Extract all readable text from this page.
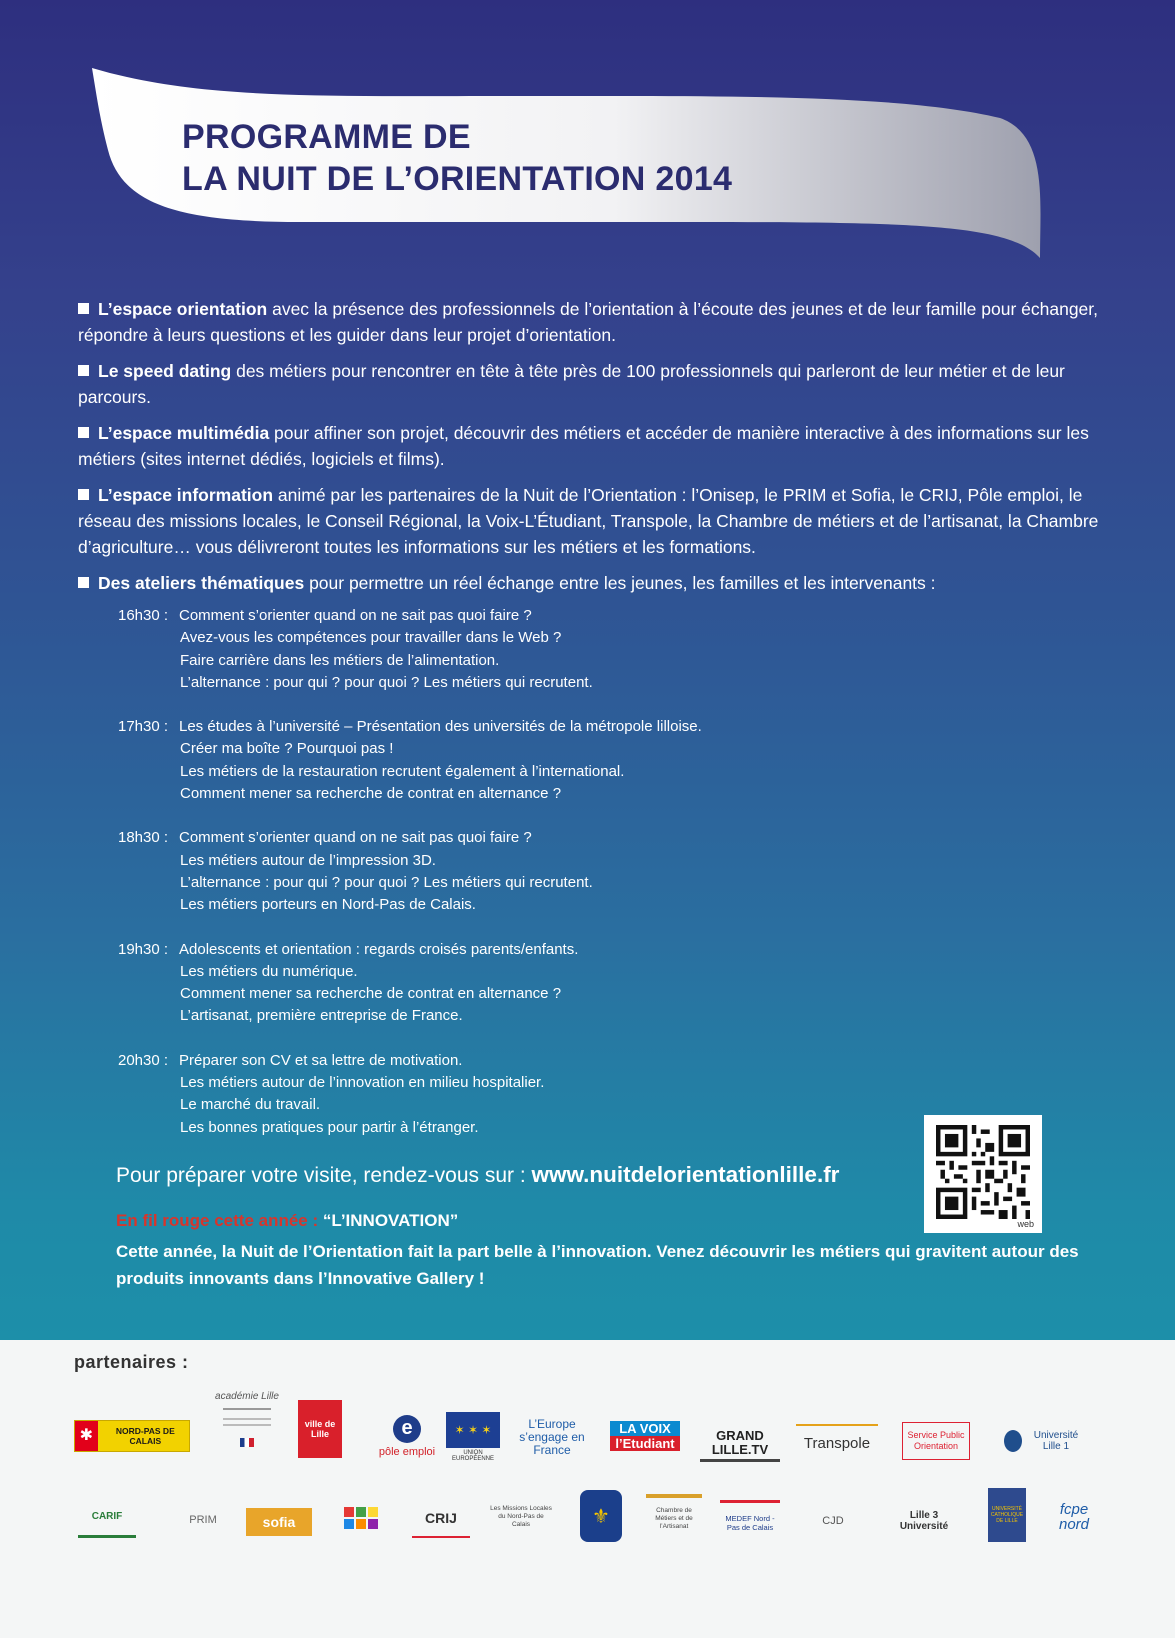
PROGRAMME DE
LA NUIT DE L’ORIENTATION 2014

L’espace orientation avec la présence des professionnels de l’orientation à l’écoute des jeunes et de leur famille pour échanger, répondre à leurs questions et les guider dans leur projet d’orientation.

Le speed dating des métiers pour rencontrer en tête à tête près de 100 professionnels qui parleront de leur métier et de leur parcours.

L’espace multimédia pour affiner son projet, découvrir des métiers et accéder de manière interactive à des informations sur les métiers (sites internet dédiés, logiciels et films).

L’espace information animé par les partenaires de la Nuit de l’Orientation : l’Onisep, le PRIM et Sofia, le CRIJ, Pôle emploi, le réseau des missions locales, le Conseil Régional, la Voix-L’Étudiant, Transpole, la Chambre de métiers et de l’artisanat, la Chambre d’agriculture… vous délivreront toutes les informations sur les métiers et les formations.

Des ateliers thématiques pour permettre un réel échange entre les jeunes, les familles et les intervenants :

16h30 : Comment s’orienter quand on ne sait pas quoi faire ?
Avez-vous les compétences pour travailler dans le Web ?
Faire carrière dans les métiers de l’alimentation.
L’alternance : pour qui ? pour quoi ? Les métiers qui recrutent.
17h30 : Les études à l’université – Présentation des universités de la métropole lilloise.
Créer ma boîte ? Pourquoi pas !
Les métiers de la restauration recrutent également à l’international.
Comment mener sa recherche de contrat en alternance ?
18h30 : Comment s’orienter quand on ne sait pas quoi faire ?
Les métiers autour de l’impression 3D.
L’alternance : pour qui ? pour quoi ? Les métiers qui recrutent.
Les métiers porteurs en Nord-Pas de Calais.
19h30 : Adolescents et orientation : regards croisés parents/enfants.
Les métiers du numérique.
Comment mener sa recherche de contrat en alternance ?
L’artisanat, première entreprise de France.
20h30 : Préparer son CV et sa lettre de motivation.
Les métiers autour de l’innovation en milieu hospitalier.
Le marché du travail.
Les bonnes pratiques pour partir à l’étranger.
Pour préparer votre visite, rendez-vous sur : www.nuitdelorientationlille.fr
web
En fil rouge cette année : “L’INNOVATION”
Cette année, la Nuit de l’Orientation fait la part belle à l’innovation. Venez découvrir les métiers qui gravitent autour des produits innovants dans l’Innovative Gallery !
partenaires :
✱	NORD-PAS DE CALAIS
académie Lille
ville de Lille	e
pôle emploi
✶ ✶ ✶
UNION EUROPÉENNE
L’Europe s’engage en France
LA VOIX
l’Etudiant
GRAND LILLE.TV	Transpole	Service Public Orientation
Université Lille 1
CARIF	PRIM	sofia	CRIJ
Les Missions Locales du Nord-Pas de Calais	⚜	Chambre de Métiers et de l’Artisanat
MEDEF Nord - Pas de Calais	CJD	Lille 3 Université
UNIVERSITÉ CATHOLIQUE DE LILLE
fcpe nord
